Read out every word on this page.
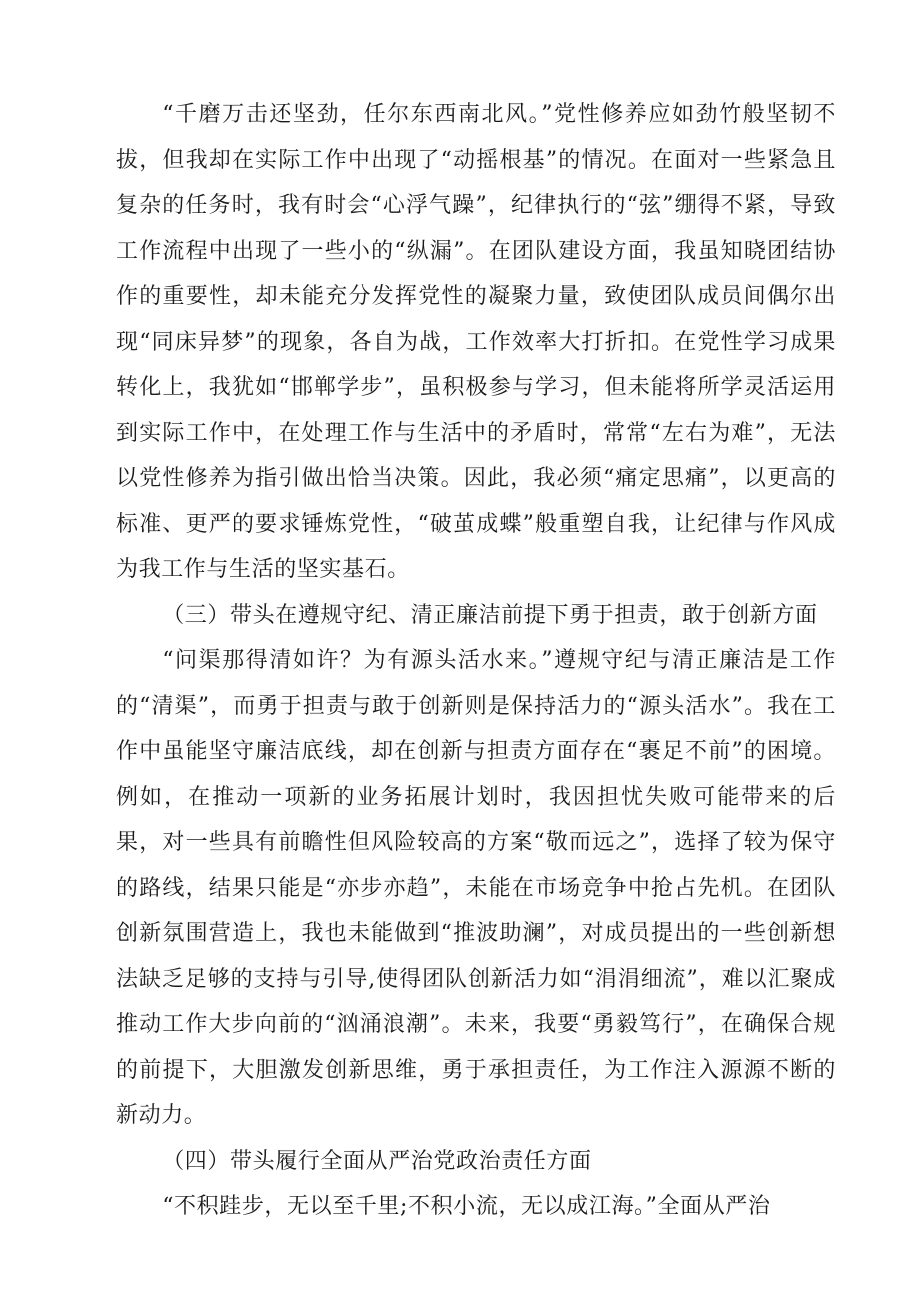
“千磨万击还坚劲，任尔东西南北风。”党性修养应如劲竹般坚韧不拔，但我却在实际工作中出现了“动摇根基”的情况。在面对一些紧急且复杂的任务时，我有时会“心浮气躁”，纪律执行的“弦”绷得不紧，导致工作流程中出现了一些小的“纵漏”。在团队建设方面，我虽知晓团结协作的重要性，却未能充分发挥党性的凝聚力量，致使团队成员间偶尔出现“同床异梦”的现象，各自为战，工作效率大打折扣。在党性学习成果转化上，我犹如“邯郸学步”，虽积极参与学习，但未能将所学灵活运用到实际工作中，在处理工作与生活中的矛盾时，常常“左右为难”，无法以党性修养为指引做出恰当决策。因此，我必须“痛定思痛”，以更高的标准、更严的要求锤炼党性，“破茧成蝶”般重塑自我，让纪律与作风成为我工作与生活的坚实基石。

（三）带头在遵规守纪、清正廉洁前提下勇于担责，敢于创新方面

“问渠那得清如许？为有源头活水来。”遵规守纪与清正廉洁是工作的“清渠”，而勇于担责与敢于创新则是保持活力的“源头活水”。我在工作中虽能坚守廉洁底线，却在创新与担责方面存在“裹足不前”的困境。例如，在推动一项新的业务拓展计划时，我因担忧失败可能带来的后果，对一些具有前瞻性但风险较高的方案“敬而远之”，选择了较为保守的路线，结果只能是“亦步亦趋”，未能在市场竞争中抢占先机。在团队创新氛围营造上，我也未能做到“推波助澜”，对成员提出的一些创新想法缺乏足够的支持与引导,使得团队创新活力如“涓涓细流”，难以汇聚成推动工作大步向前的“汹涌浪潮”。未来，我要“勇毅笃行”，在确保合规的前提下，大胆激发创新思维，勇于承担责任，为工作注入源源不断的新动力。

（四）带头履行全面从严治党政治责任方面

“不积跬步，无以至千里;不积小流，无以成江海。”全面从严治
